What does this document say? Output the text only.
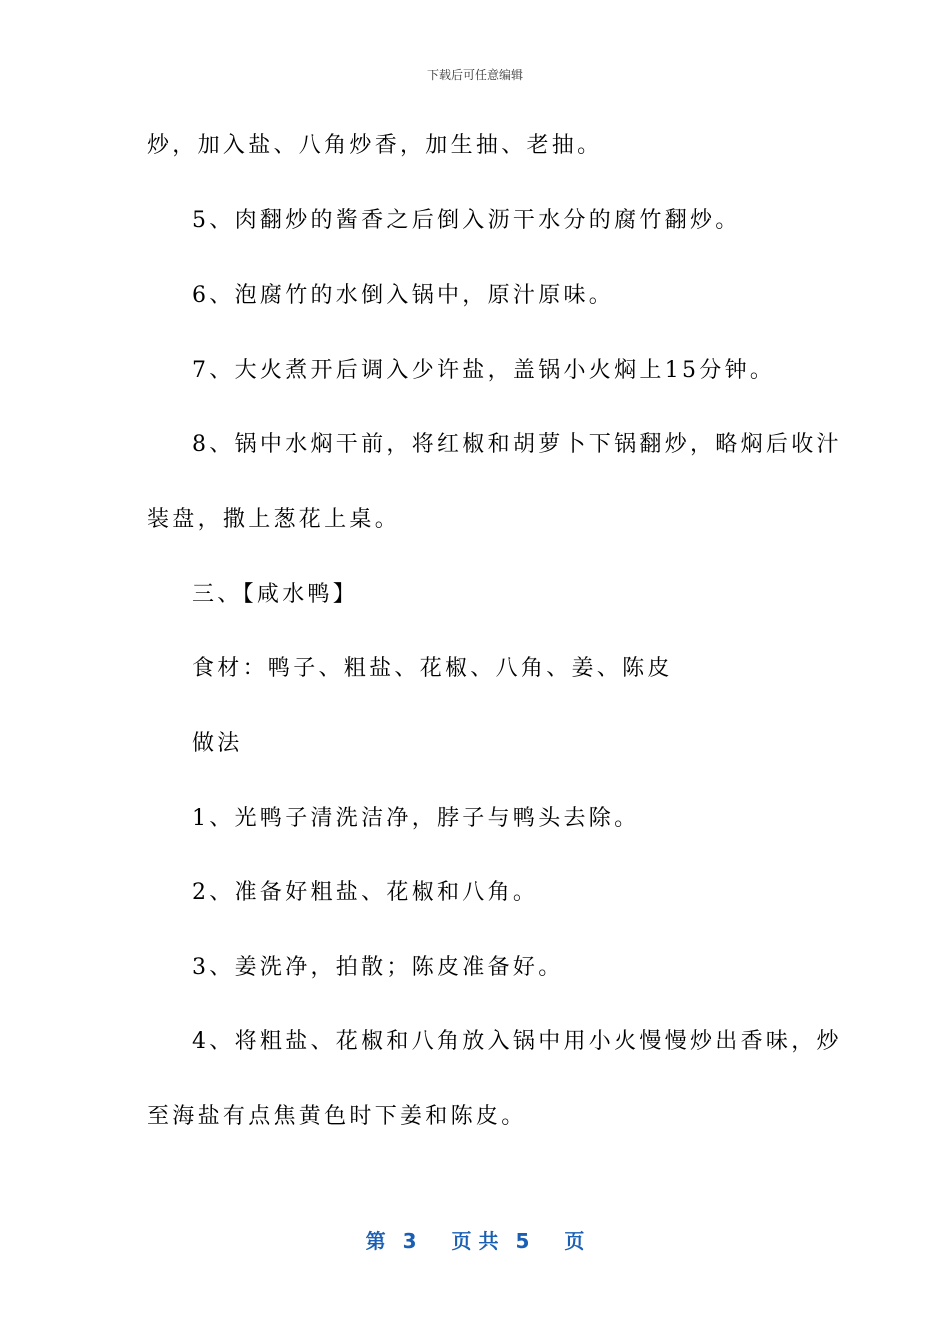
下载后可任意编辑
炒，加入盐、八角炒香，加生抽、老抽。
5、肉翻炒的酱香之后倒入沥干水分的腐竹翻炒。
6、泡腐竹的水倒入锅中，原汁原味。
7、大火煮开后调入少许盐，盖锅小火焖上15分钟。
8、锅中水焖干前，将红椒和胡萝卜下锅翻炒，略焖后收汁
装盘，撒上葱花上桌。
三、【咸水鸭】
食材：鸭子、粗盐、花椒、八角、姜、陈皮
做法
1、光鸭子清洗洁净，脖子与鸭头去除。
2、准备好粗盐、花椒和八角。
3、姜洗净，拍散；陈皮准备好。
4、将粗盐、花椒和八角放入锅中用小火慢慢炒出香味，炒
至海盐有点焦黄色时下姜和陈皮。
第 3 页 共 5 页
